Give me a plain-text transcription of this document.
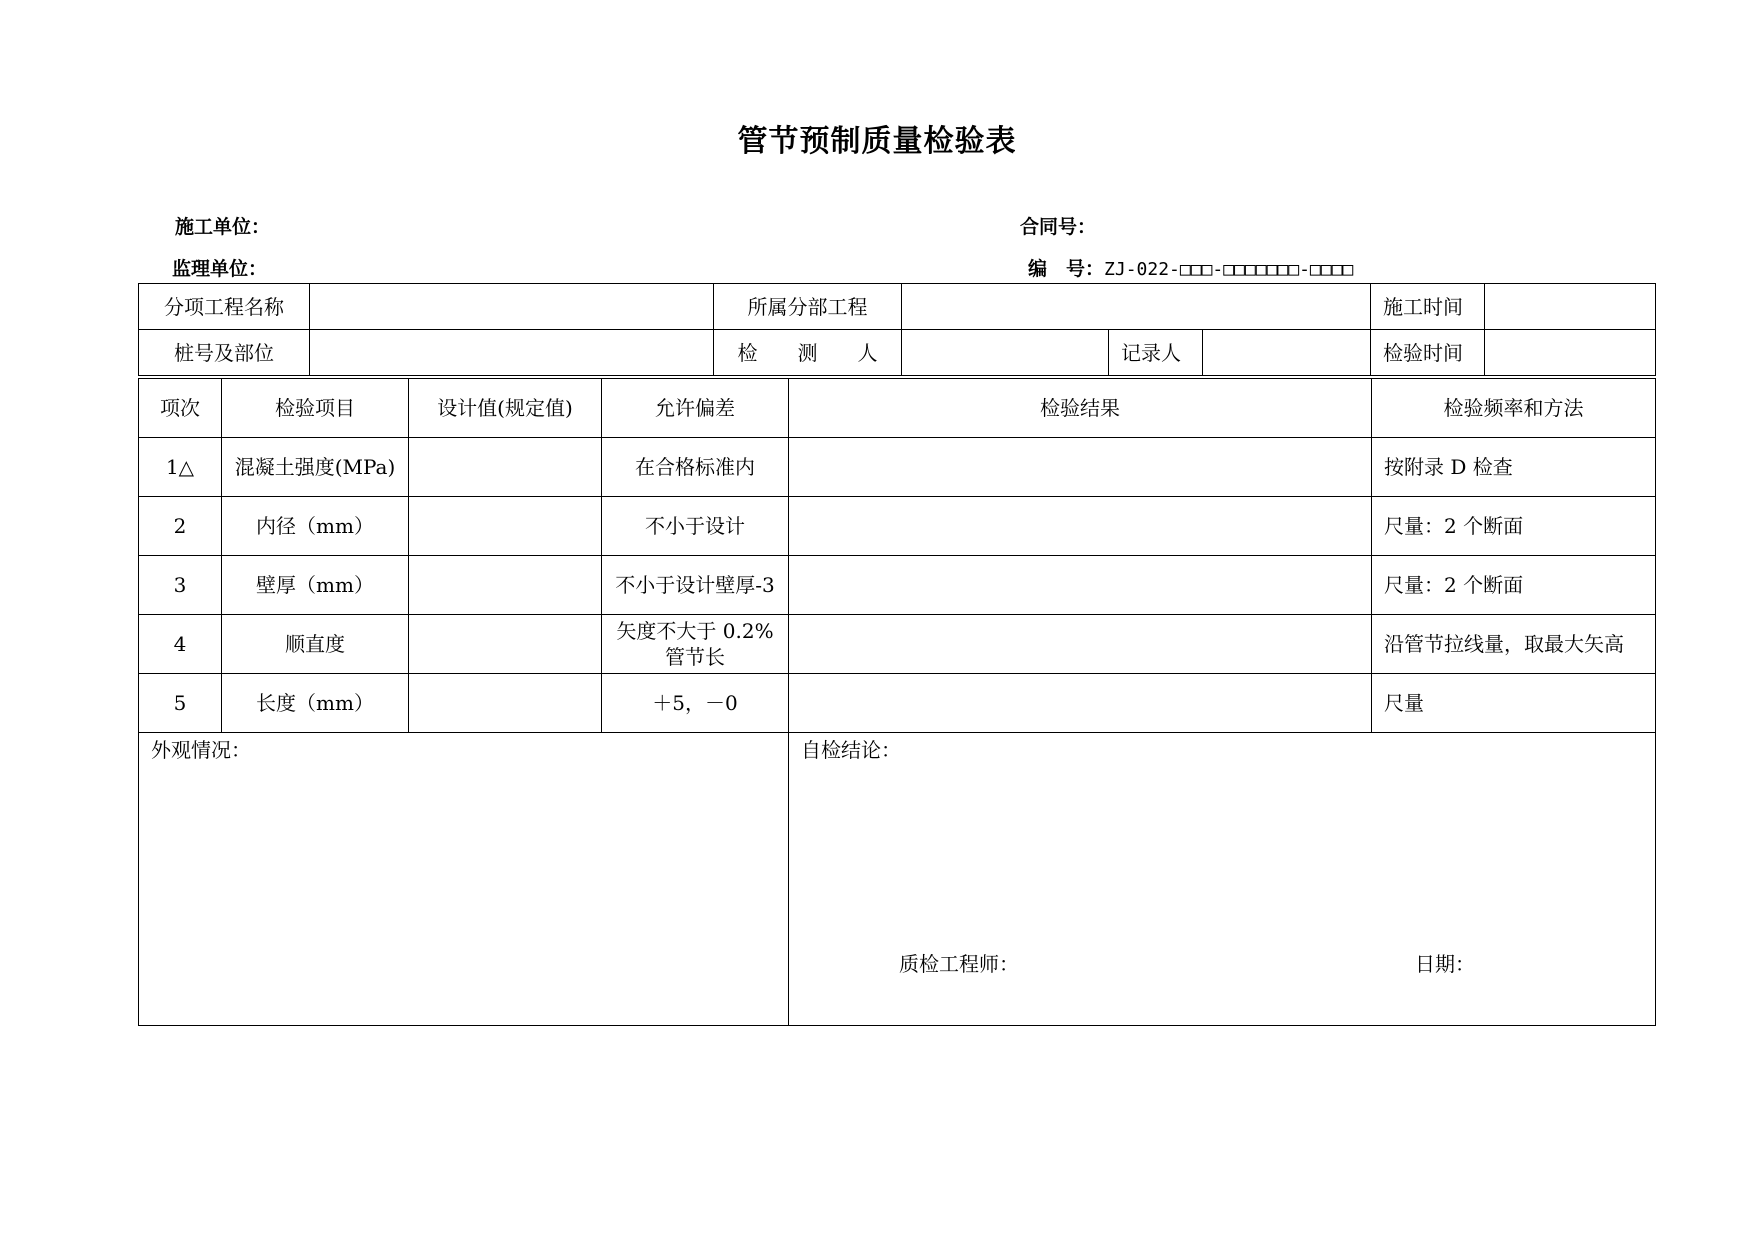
管节预制质量检验表
施工单位：	合同号：
监理单位：	编　号：ZJ-022-□□□-□□□□□□□-□□□□
分项工程名称		所属分部工程				施工时间	
桩号及部位		检　　测　　人		记录人		检验时间	
项次	检验项目	设计值(规定值)	允许偏差	检验结果	检验频率和方法
1△	混凝土强度(MPa)		在合格标准内		按附录 D 检查
2	内径（mm）		不小于设计		尺量：2 个断面
3	壁厚（mm）		不小于设计壁厚-3		尺量：2 个断面
4	顺直度		矢度不大于 0.2%管节长		沿管节拉线量，取最大矢高
5	长度（mm）		＋5，－0		尺量

外观情况：				自检结论：
质检工程师： 日期：	
